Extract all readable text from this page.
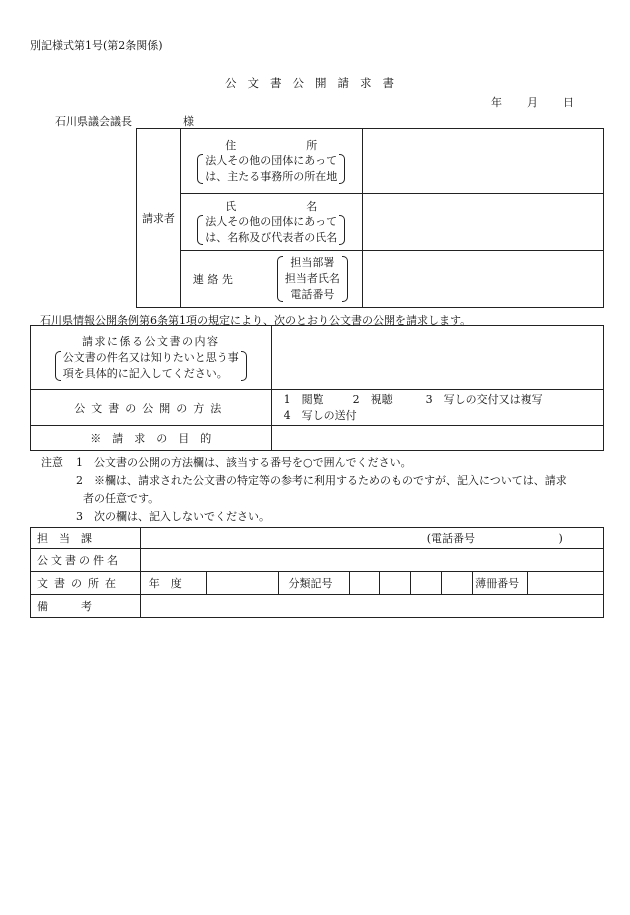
別記様式第1号(第2条関係)
公文書公開請求書
年 月 日
石川県議会議長	様
請求者	住 所
法人その他の団体にあって
は、主たる事務所の所在地	

	氏 名
法人その他の団体にあって
は、名称及び代表者の氏名	

	連 絡 先
担当部署
担当者氏名
電話番号	

石川県情報公開条例第6条第1項の規定により、次のとおり公文書の公開を請求します。
請求に係る公文書の内容
公文書の件名又は知りたいと思う事
項を具体的に記入してください。	

公文書の公開の方法	1　閲覧 2　視聴 3　写しの交付又は複写
4　写しの送付

※　請　求　の　目　的	
注意 1　公文書の公開の方法欄は、該当する番号を○で囲んでください。
2　※欄は、請求された公文書の特定等の参考に利用するためのものですが、記入については、請求
者の任意です。
3　次の欄は、記入しないでください。
担　当　課	(電話番号 )								
公文書の件名									
文書の所在	年　度		分類記号					薄冊番号	
備　　　考									
